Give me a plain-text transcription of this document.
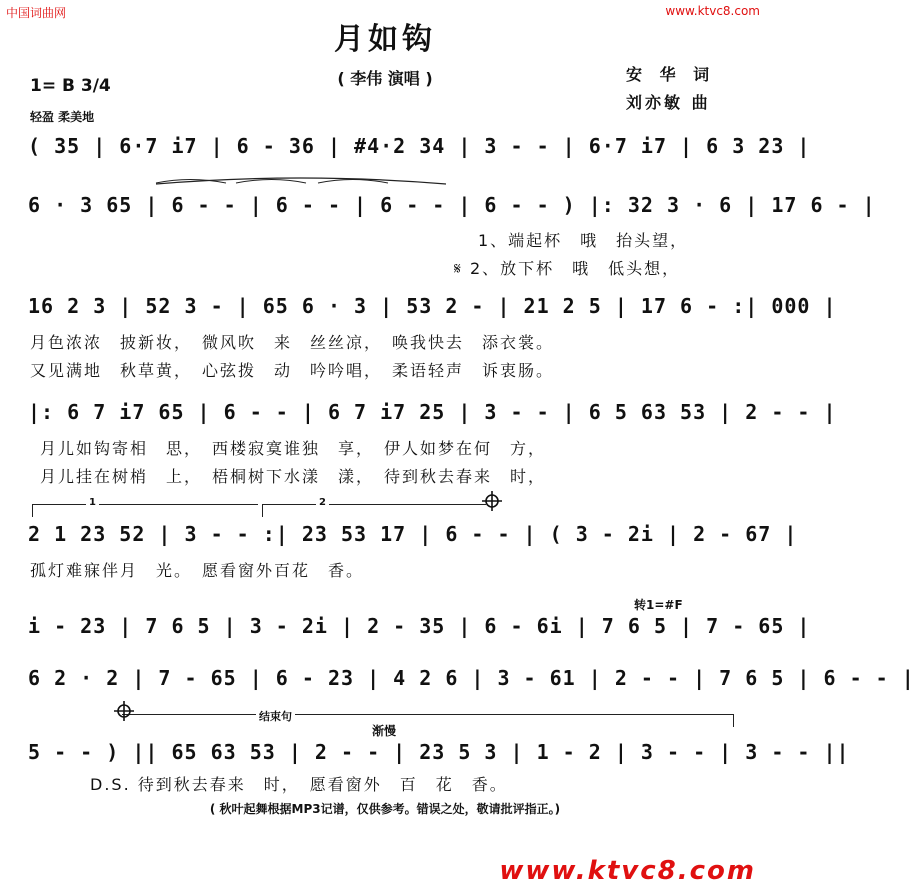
中国词曲网	www.ktvc8.com
月如钩
( 李伟 演唱 )	安 华 词
刘亦敏 曲
1= B 3/4
轻盈 柔美地
( 35 | 6·7 i7 | 6 - 36 | #4·2 34 | 3 - - | 6·7 i7 | 6 3 23 |
6 · 3 65 | 6 - - | 6 - - | 6 - - | 6 - - ) |: 32 3 · 6 | 17 6 - |
1、端起杯　哦　抬头望，
𝄋 2、放下杯　哦　低头想，
16 2 3 | 52 3 - | 65 6 · 3 | 53 2 - | 21 2 5 | 17 6 - :| 000 |
月色浓浓　披新妆，　微风吹　来　丝丝凉，　唤我快去　添衣裳。
又见满地　秋草黄，　心弦拨　动　吟吟唱，　柔语轻声　诉衷肠。
|: 6 7 i7 65 | 6 - - | 6 7 i7 25 | 3 - - | 6 5 63 53 | 2 - - |
月儿如钩寄相　思，　西楼寂寞谁独　享，　伊人如梦在何　方，
月儿挂在树梢　上，　梧桐树下水漾　漾，　待到秋去春来　时，
1	2
2 1 23 52 | 3 - - :| 23 53 17 | 6 - - | ( 3 - 2i | 2 - 67 |
孤灯难寐伴月　光。　愿看窗外百花　香。
转1=#F
i - 23 | 7 6 5 | 3 - 2i | 2 - 35 | 6 - 6i | 7 6 5 | 7 - 65 |
6 2 · 2 | 7 - 65 | 6 - 23 | 4 2 6 | 3 - 61 | 2 - - | 7 6 5 | 6 - - |
结束句
渐慢
5 - - ) || 65 63 53 | 2 - - | 23 5 3 | 1 - 2 | 3 - - | 3 - - ||
D.S. 待到秋去春来　时，　愿看窗外　百　花　香。
( 秋叶起舞根据MP3记谱，仅供参考。错误之处，敬请批评指正。)
www.ktvc8.com
